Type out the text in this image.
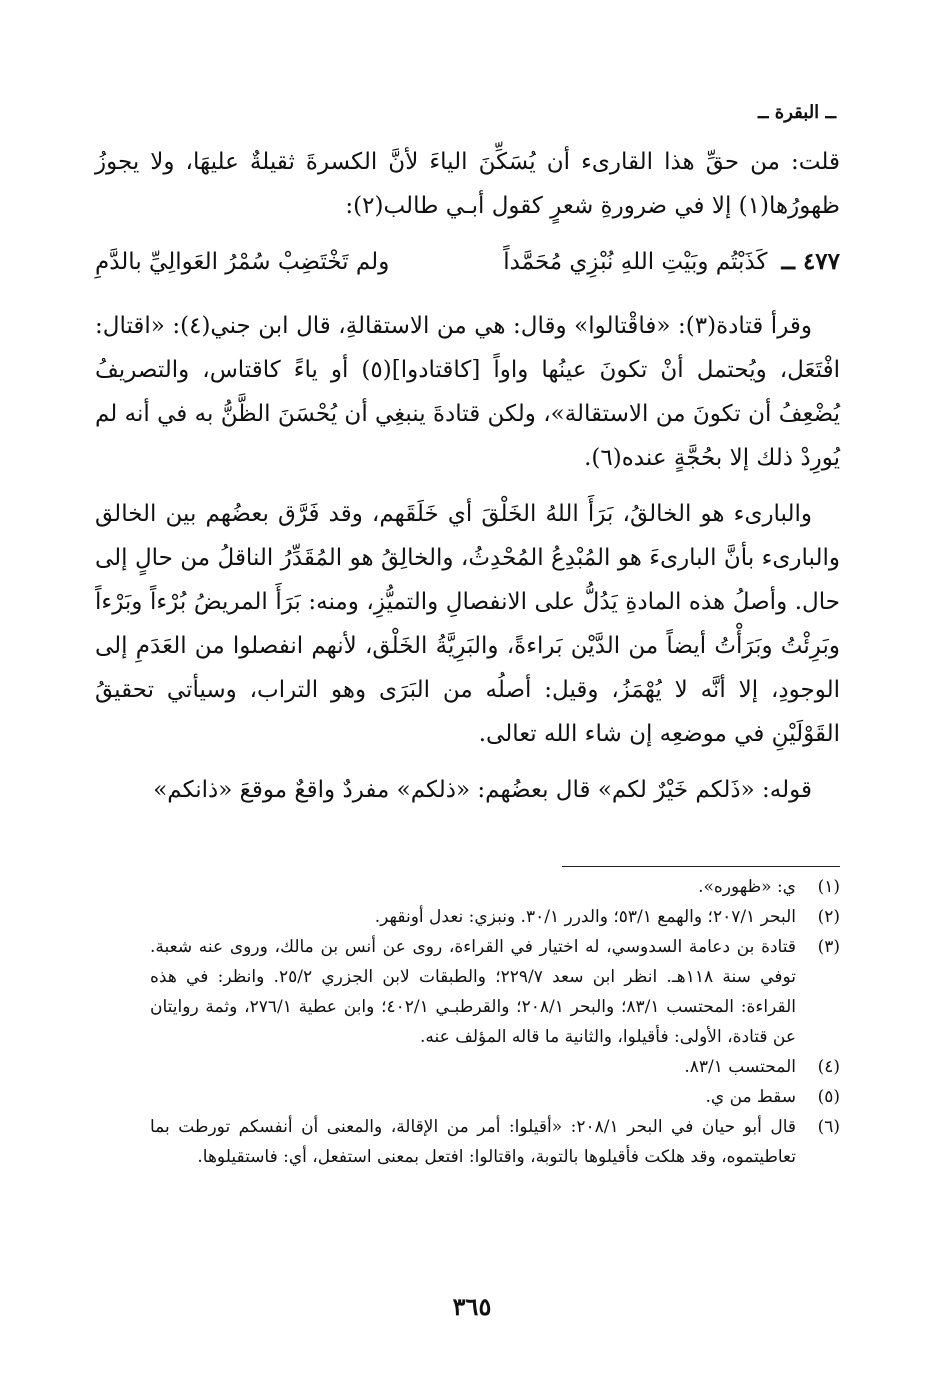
ــ البقرة ــ

قلت: من حقِّ هذا القارىء أن يُسَكِّنَ الياءَ لأنَّ الكسرةَ ثقيلةٌ عليهَا، ولا يجوزُ ظهورُها(١) إلا في ضرورةِ شعرٍ كقول أبـي طالب(٢):

٤٧٧ ــ
كَذَبْتُم وبَيْتِ اللهِ نُبْزِي مُحَمَّداً
ولم تَخْتَضِبْ سُمْرُ العَوالِيِّ بالدَّمِ

وقرأ قتادة(٣): «فاقْتالوا» وقال: هي من الاستقالةِ، قال ابن جني(٤): «اقتال: افْتَعَل، ويُحتمل أنْ تكونَ عينُها واواً [كاقتادوا](٥) أو ياءً كاقتاس، والتصريفُ يُضْعِفُ أن تكونَ من الاستقالة»، ولكن قتادةَ ينبغِي أن يُحْسَنَ الظَّنُّ به في أنه لم يُورِدْ ذلك إلا بحُجَّةٍ عنده(٦).

والبارىء هو الخالقُ، بَرَأَ اللهُ الخَلْقَ أي خَلَقَهم، وقد فَرَّق بعضُهم بين الخالق والبارىء بأنَّ البارىءَ هو المُبْدِعُ المُحْدِثُ، والخالِقُ هو المُقَدِّرُ الناقلُ من حالٍ إلى حال. وأصلُ هذه المادةِ يَدُلُّ على الانفصالِ والتميُّزِ، ومنه: بَرَأَ المريضُ بُرْءاً وبَرْءاً وبَرِئْتُ وبَرَأْتُ أيضاً من الدَّيْن بَراءةً، والبَرِيَّةُ الخَلْق، لأنهم انفصلوا من العَدَمِ إلى الوجودِ، إلا أنَّه لا يُهْمَزُ، وقيل: أصلُه من البَرَى وهو التراب، وسيأتي تحقيقُ القَوْلَيْنِ في موضعِه إن شاء الله تعالى.

قوله: «ذَلكم خَيْرٌ لكم» قال بعضُهم: «ذلكم» مفردٌ واقعٌ موقعَ «ذانكم»

(١)
ي: «ظهوره».
(٢)
البحر ٢٠٧/١؛ والهمع ٥٣/١؛ والدرر ٣٠/١. ونبزي: نعدل أونقهر.
(٣)
قتادة بن دعامة السدوسي، له اختيار في القراءة، روى عن أنس بن مالك، وروى عنه شعبة. توفي سنة ١١٨هـ. انظر ابن سعد ٢٢٩/٧؛ والطبقات لابن الجزري ٢٥/٢. وانظر: في هذه القراءة: المحتسب ٨٣/١؛ والبحر ٢٠٨/١؛ والقرطبـي ٤٠٢/١؛ وابن عطية ٢٧٦/١، وثمة روايتان عن قتادة، الأولى: فأقيلوا، والثانية ما قاله المؤلف عنه.
(٤)
المحتسب ٨٣/١.
(٥)
سقط من ي.
(٦)
قال أبو حيان في البحر ٢٠٨/١: «أقيلوا: أمر من الإقالة، والمعنى أن أنفسكم تورطت بما تعاطيتموه، وقد هلكت فأقيلوها بالتوبة، واقتالوا: افتعل بمعنى استفعل، أي: فاستقيلوها.
٣٦٥
